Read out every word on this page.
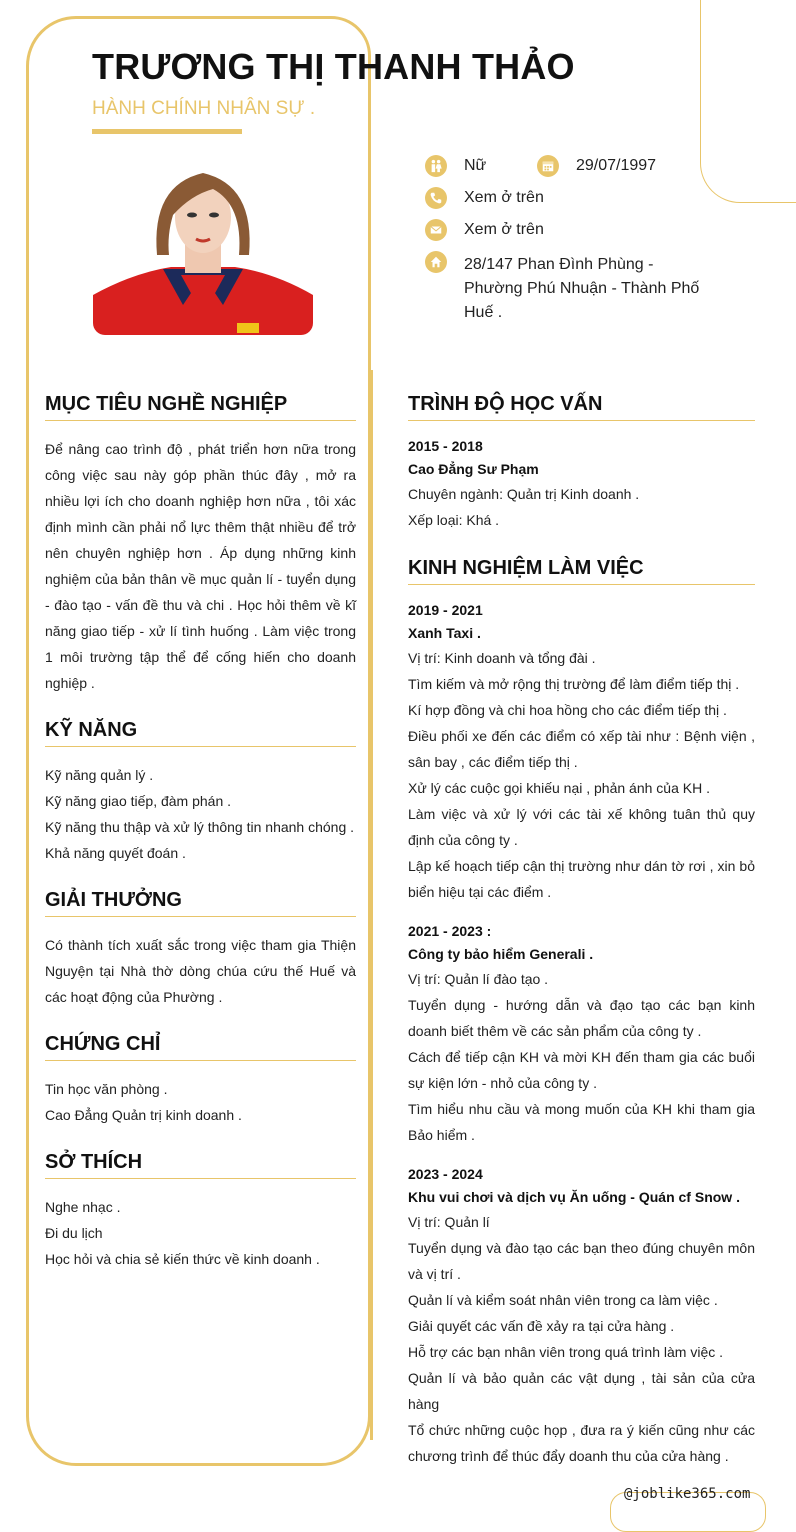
TRƯƠNG THỊ THANH THẢO
HÀNH CHÍNH NHÂN SỰ .
Nữ	29/07/1997
Xem ở trên
Xem ở trên
28/147 Phan Đình Phùng -
Phường Phú Nhuận - Thành Phố
Huế .
MỤC TIÊU NGHỀ NGHIỆP
Để nâng cao trình độ , phát triển hơn nữa trong công việc sau này góp phần thúc đây , mở ra nhiều lợi ích cho doanh nghiệp hơn nữa , tôi xác định mình cần phải nổ lực thêm thật nhiều để trở nên chuyên nghiệp hơn . Áp dụng những kinh nghiệm của bản thân về mục quản lí - tuyển dụng - đào tạo - vấn đề thu và chi . Học hỏi thêm về kĩ năng giao tiếp - xử lí tình huống . Làm việc trong 1 môi trường tập thể để cống hiến cho doanh nghiệp .
KỸ NĂNG
Kỹ năng quản lý .
Kỹ năng giao tiếp, đàm phán .
Kỹ năng thu thập và xử lý thông tin nhanh chóng .
Khả năng quyết đoán .
GIẢI THƯỞNG
Có thành tích xuất sắc trong việc tham gia Thiện Nguyện tại Nhà thờ dòng chúa cứu thế Huế và các hoạt động của Phường .
CHỨNG CHỈ
Tin học văn phòng .
Cao Đẳng Quản trị kinh doanh .
SỞ THÍCH
Nghe nhạc .
Đi du lịch
Học hỏi và chia sẻ kiến thức về kinh doanh .
TRÌNH ĐỘ HỌC VẤN
2015 - 2018
Cao Đẳng Sư Phạm
Chuyên ngành: Quản trị Kinh doanh .
Xếp loại: Khá .
KINH NGHIỆM LÀM VIỆC
2019 - 2021
Xanh Taxi .
Vị trí: Kinh doanh và tổng đài .
Tìm kiếm và mở rộng thị trường để làm điểm tiếp thị .
Kí hợp đồng và chi hoa hồng cho các điểm tiếp thị .
Điều phối xe đến các điểm có xếp tài như : Bệnh viện , sân bay , các điểm tiếp thị .
Xử lý các cuộc gọi khiếu nại , phản ánh của KH .
Làm việc và xử lý với các tài xế không tuân thủ quy định của công ty .
Lập kế hoạch tiếp cận thị trường như dán tờ rơi , xin bỏ biển hiệu tại các điểm .
2021 - 2023 :
Công ty bảo hiểm Generali .
Vị trí: Quản lí đào tạo .
Tuyển dụng - hướng dẫn và đạo tạo các bạn kinh doanh biết thêm về các sản phẩm của công ty .
Cách để tiếp cận KH và mời KH đến tham gia các buổi sự kiện lớn - nhỏ của công ty .
Tìm hiểu nhu cầu và mong muốn của KH khi tham gia Bảo hiểm .
2023 - 2024
Khu vui chơi và dịch vụ Ăn uống - Quán cf Snow .
Vị trí: Quản lí
Tuyển dụng và đào tạo các bạn theo đúng chuyên môn và vị trí .
Quản lí và kiểm soát nhân viên trong ca làm việc .
Giải quyết các vấn đề xảy ra tại cửa hàng .
Hỗ trợ các bạn nhân viên trong quá trình làm việc .
Quản lí và bảo quản các vật dụng , tài sản của cửa hàng
Tổ chức những cuộc họp , đưa ra ý kiến cũng như các chương trình để thúc đẩy doanh thu của cửa hàng .
@joblike365.com
